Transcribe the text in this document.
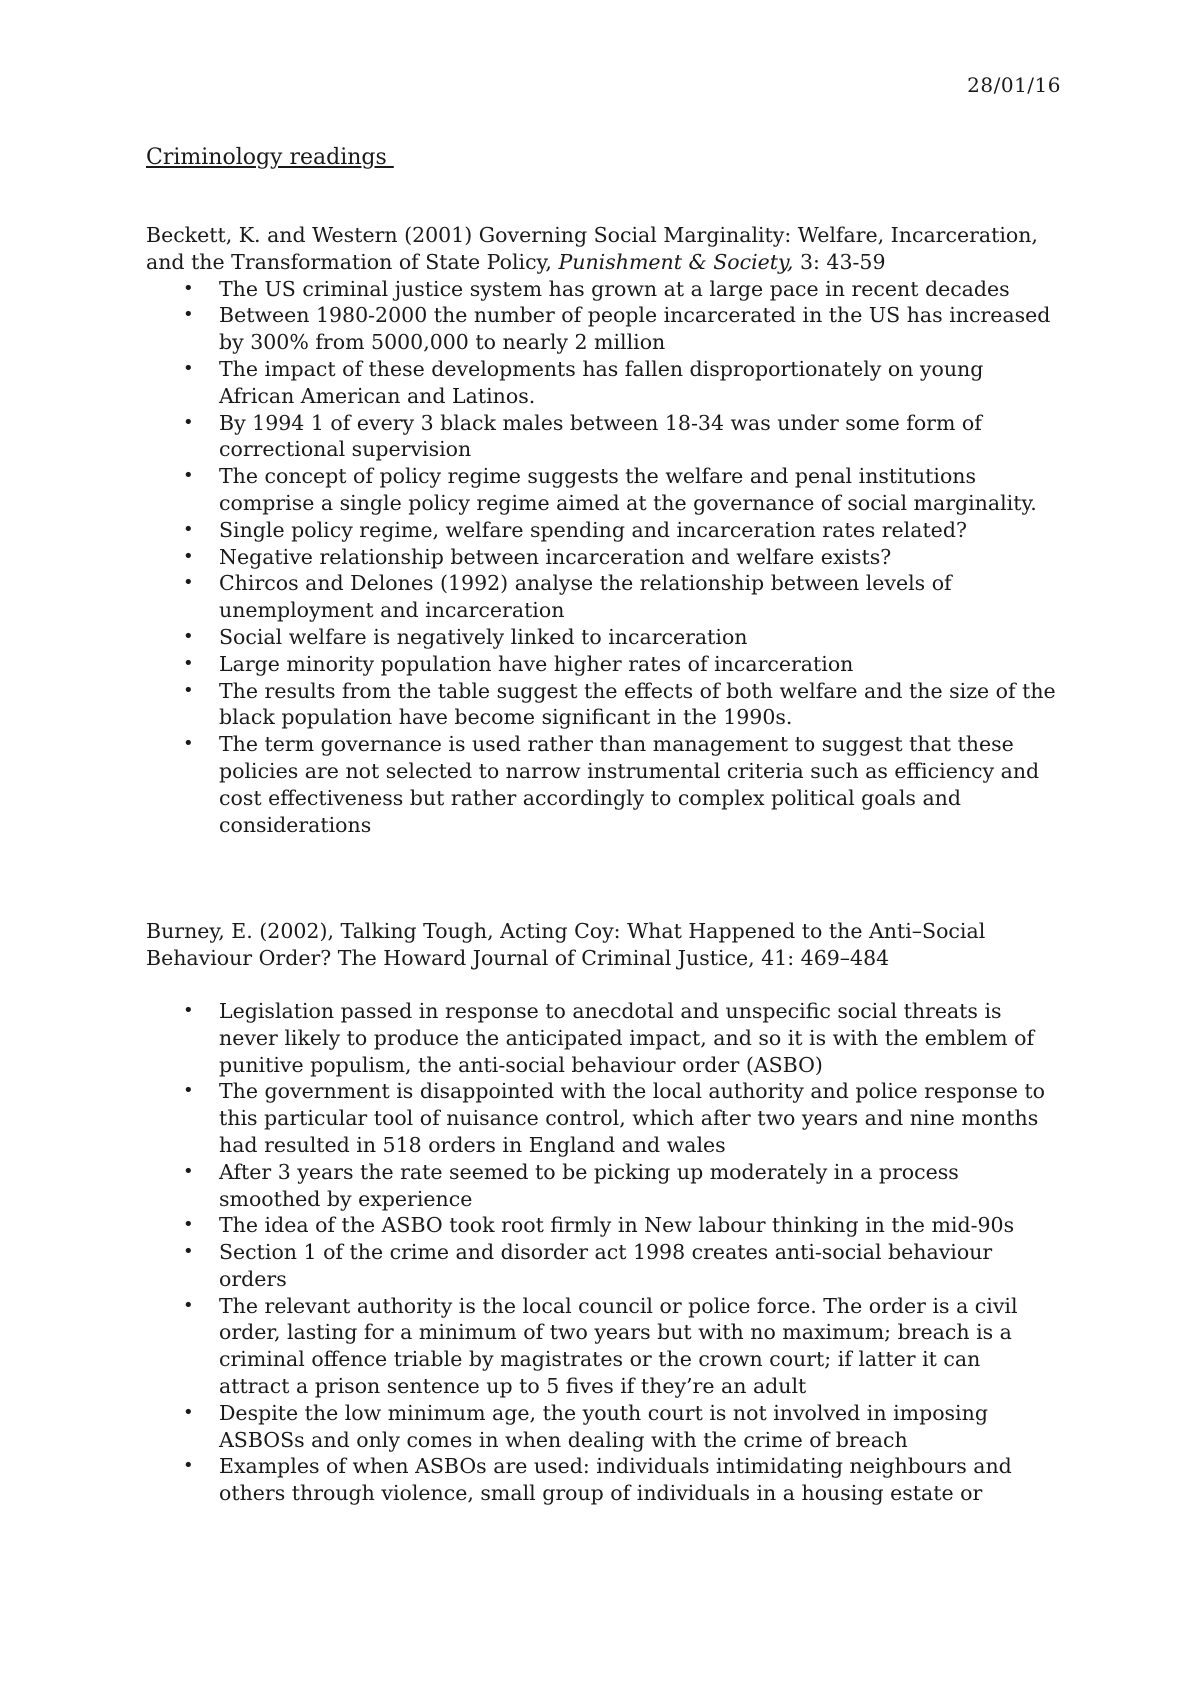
28/01/16
Criminology readings

Beckett, K. and Western (2001) Governing Social Marginality: Welfare, Incarceration, and the Transformation of State Policy, Punishment & Society, 3: 43-59

• The US criminal justice system has grown at a large pace in recent decades
• Between 1980-2000 the number of people incarcerated in the US has increased by 300% from 5000,000 to nearly 2 million
• The impact of these developments has fallen disproportionately on young African American and Latinos.
• By 1994 1 of every 3 black males between 18-34 was under some form of correctional supervision
• The concept of policy regime suggests the welfare and penal institutions comprise a single policy regime aimed at the governance of social marginality.
• Single policy regime, welfare spending and incarceration rates related?
• Negative relationship between incarceration and welfare exists?
• Chircos and Delones (1992) analyse the relationship between levels of unemployment and incarceration
• Social welfare is negatively linked to incarceration
• Large minority population have higher rates of incarceration
• The results from the table suggest the effects of both welfare and the size of the black population have become significant in the 1990s.
• The term governance is used rather than management to suggest that these policies are not selected to narrow instrumental criteria such as efficiency and cost effectiveness but rather accordingly to complex political goals and considerations

Burney, E. (2002), Talking Tough, Acting Coy: What Happened to the Anti–Social Behaviour Order? The Howard Journal of Criminal Justice, 41: 469–484

• Legislation passed in response to anecdotal and unspecific social threats is never likely to produce the anticipated impact, and so it is with the emblem of punitive populism, the anti-social behaviour order (ASBO)
• The government is disappointed with the local authority and police response to this particular tool of nuisance control, which after two years and nine months had resulted in 518 orders in England and wales
• After 3 years the rate seemed to be picking up moderately in a process smoothed by experience
• The idea of the ASBO took root firmly in New labour thinking in the mid-90s
• Section 1 of the crime and disorder act 1998 creates anti-social behaviour orders
• The relevant authority is the local council or police force. The order is a civil order, lasting for a minimum of two years but with no maximum; breach is a criminal offence triable by magistrates or the crown court; if latter it can attract a prison sentence up to 5 fives if they’re an adult
• Despite the low minimum age, the youth court is not involved in imposing ASBOSs and only comes in when dealing with the crime of breach
• Examples of when ASBOs are used: individuals intimidating neighbours and others through violence, small group of individuals in a housing estate or
